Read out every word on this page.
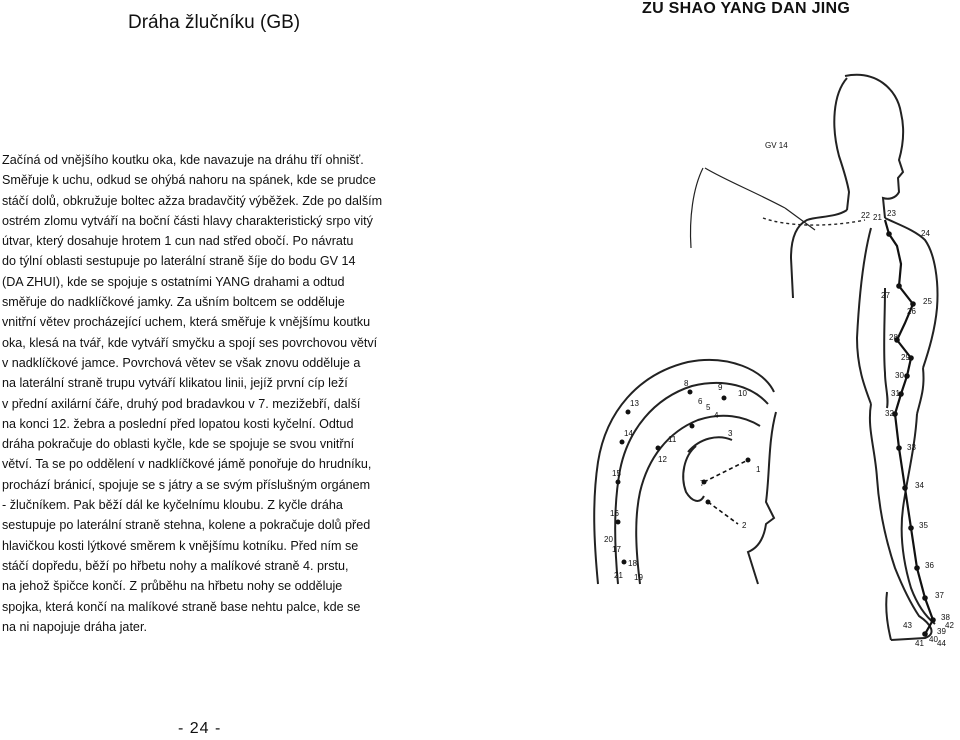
Dráha žlučníku (GB)
ZU SHAO YANG DAN JING
Začíná od vnějšího koutku oka, kde navazuje na dráhu tří ohnišť.
Směřuje k uchu, odkud se ohýbá nahoru na spánek, kde se prudce
stáčí dolů, obkružuje boltec ažza bradavčitý výběžek. Zde po dalším
ostrém zlomu vytváří na boční části hlavy charakteristický srpo vitý
útvar, který dosahuje hrotem 1 cun nad střed obočí. Po návratu
do týlní oblasti sestupuje po laterální straně šíje do bodu GV 14
(DA ZHUI), kde se spojuje s ostatními YANG drahami a odtud
směřuje do nadklíčkové jamky. Za ušním boltcem se odděluje
vnitřní větev procházející uchem, která směřuje k vnějšímu koutku
oka, klesá na tvář, kde vytváří smyčku a spojí ses povrchovou větví
v nadklíčkové jamce. Povrchová větev se však znovu odděluje a
na laterální straně trupu vytváří klikatou linii, jejíž první cíp leží
v přední axilární čáře, druhý pod bradavkou v 7. mezižebří, další
na konci 12. žebra a poslední před lopatou kosti kyčelní. Odtud
dráha pokračuje do oblasti kyčle, kde se spojuje se svou vnitřní
větví. Ta se po oddělení v nadklíčkové jámě ponořuje do hrudníku,
prochází bránicí, spojuje se s játry a se svým příslušným orgánem
- žlučníkem. Pak běží dál ke kyčelnímu kloubu. Z kyčle dráha
sestupuje po laterální straně stehna, kolene a pokračuje dolů před
hlavičkou kosti lýtkové směrem k vnějšímu kotníku. Před ním se
stáčí dopředu, běží po hřbetu nohy a malíkové straně 4. prstu,
na jehož špičce končí. Z průběhu na hřbetu nohy se odděluje
spojka, která končí na malíkové straně base nehtu palce, kde se
na ni napojuje dráha jater.
GV 14
21
22 23
24
25
26
27
28
29
30
31
32
33
34
35
36
37
38
39
40
41
42
43
44
1
2
3
4
5
6
7
8	9
10
11
12
13
14
15
16
17
18
19
20
21
- 24 -
